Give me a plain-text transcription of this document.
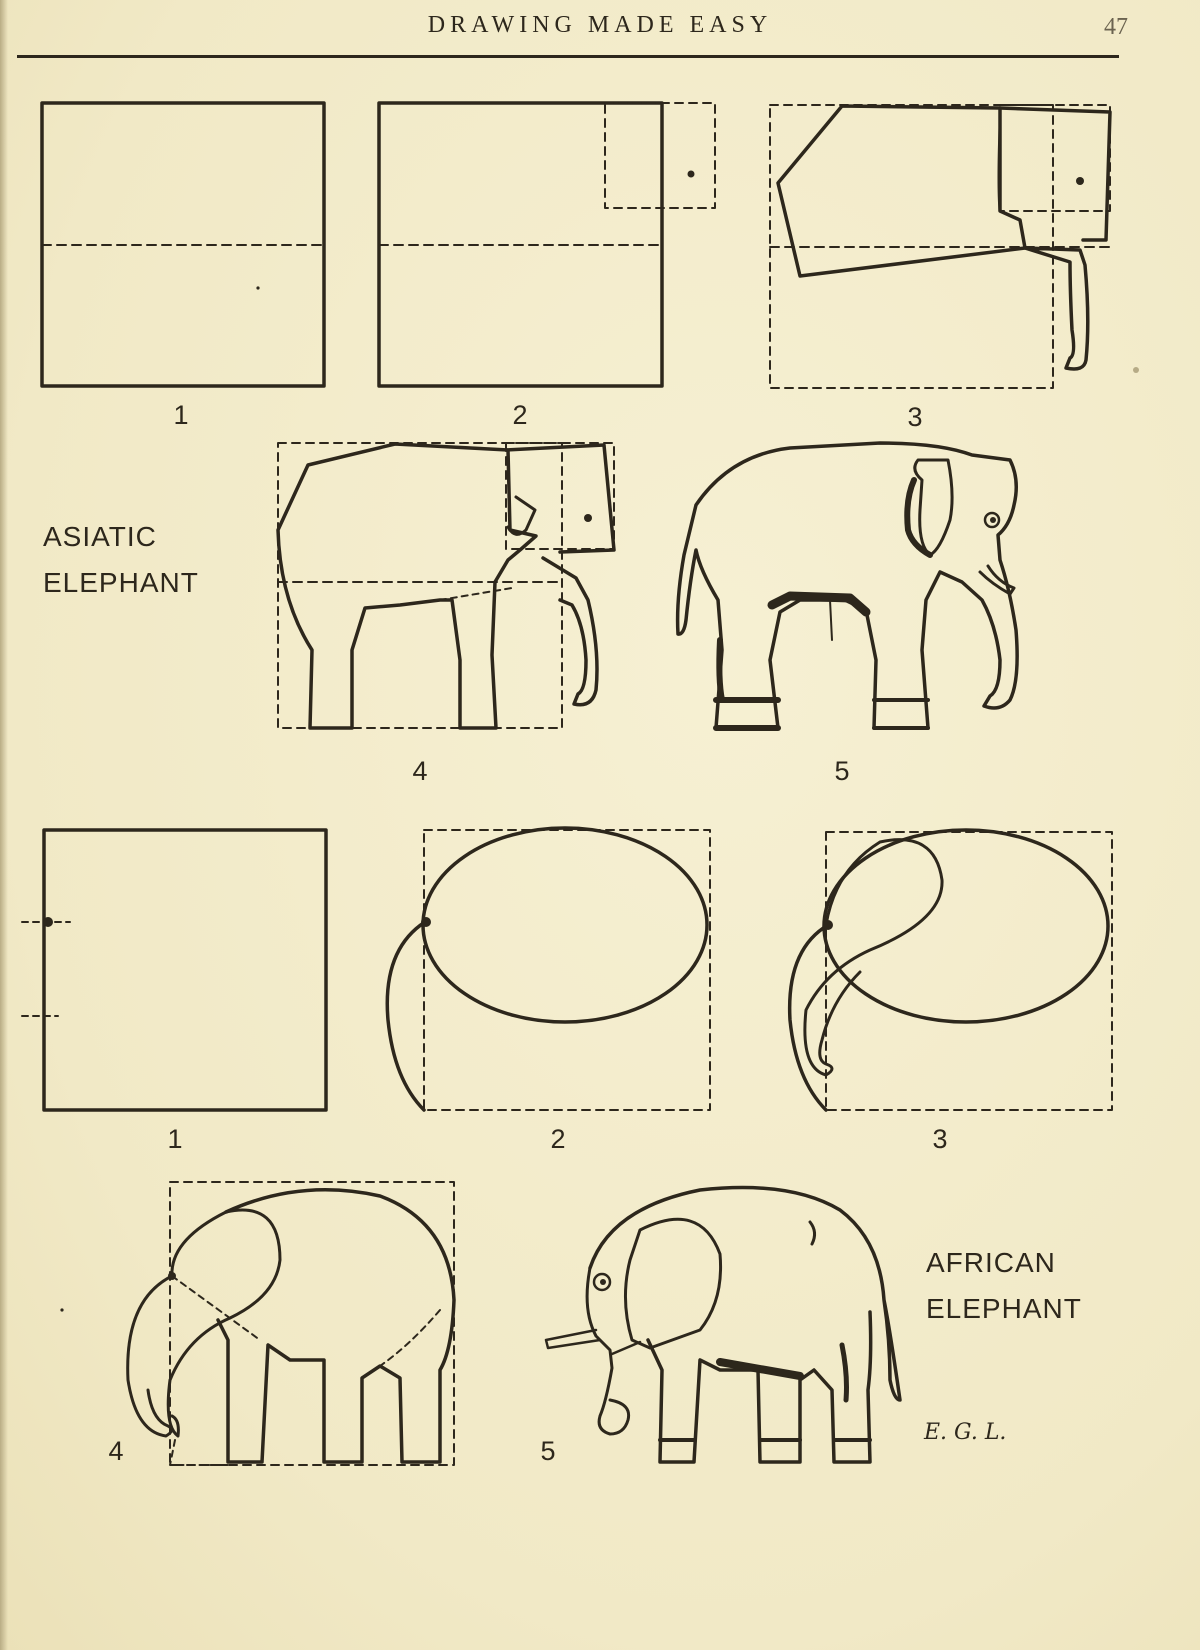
DRAWING MADE EASY	47
ASIATIC
ELEPHANT
1	2	3
4	5
1	2	3
4	5
AFRICAN
ELEPHANT
E. G. L.
